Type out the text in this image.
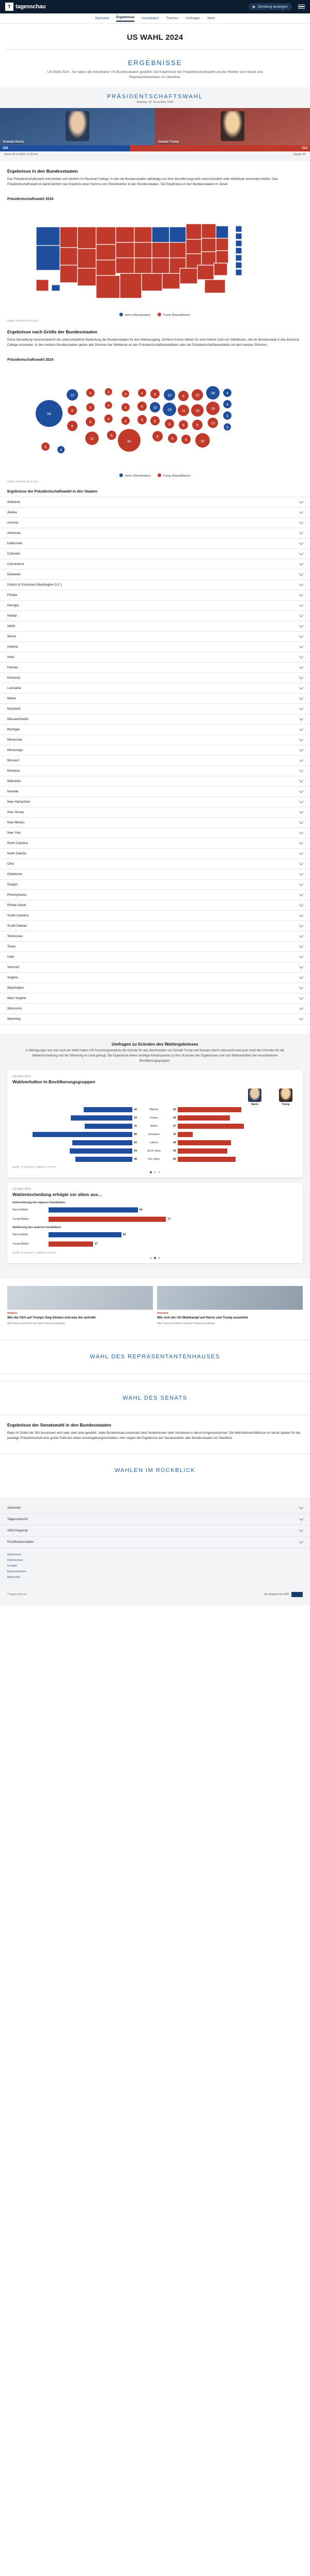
T tagesschau	▶ Sendung anzeigen
Startseite Ergebnisse Kandidaten Themen Umfragen Mehr
US WAHL 2024
ERGEBNISSE
US-Wahl 2024 - So haben die Amerikaner US-Bundesstaaten gewählt: Die Ergebnisse der Präsidentschaftswahl und der Wahlen zum Senat und Repräsentantenhaus im Überblick.
PRÄSIDENTSCHAFTSWAHL
Wahltag: 05. November 2024
Kamala Harris	Donald Trump
226	312
Stand: 06.12.2024, 12:30 Uhr	Quelle: AP
Ergebnisse in den Bundesstaaten

Das Präsidentschaftswahl entscheidet sich letztlich im Electoral College: In das die Bundesstaaten abhängig von ihrer Bevölkerungszahl unterschiedlich viele Wahlleute entsenden dürfen. Das Präsidentschaftswahl ist damit letztlich das Ergebnis einer Summe von Einzelwahlen in den Bundesstaaten. Die Ergebnisse in den Bundesstaaten im Detail:

Präsidentschaftswahl 2024
Harris (Demokraten)	Trump (Republikaner)
Quelle: AP/Stand: 06.12.2024
Ergebnisse nach Größe der Bundesstaaten

Diese Darstellung veranschaulicht die unterschiedliche Bedeutung der Bundesstaaten für den Wahlausgang. Größere Kreise stehen für eine höhere Zahl von Wahlleuten, die ein Bundesstaat in das Electoral College entsendet. In den meisten Bundesstaaten gehen alle Stimmen der Wahlleute an den Präsidentschaftskandidaten oder die Präsidentschaftskandidatin mit den meisten Stimmen.

Präsidentschaftswahl 2024
54
12
6
6
4
4
5
11
3
3
4
6
3
4
4
40
4
6
6
6
10
6
8
10
19
6
6
8
11
8
6
15
16
9
30
28
19
13
4
4
3
3
3
4
Harris (Demokraten)	Trump (Republikaner)
Quelle: AP/Stand: 06.12.2024
Ergebnisse der Präsidentschaftswahl in den Staaten
Alabama
Alaska
Arizona
Arkansas
Kalifornien
Colorado
Connecticut
Delaware
District of Columbia (Washington D.C.)
Florida
Georgia
Hawaii
Idaho
Illinois
Indiana
Iowa
Kansas
Kentucky
Louisiana
Maine
Maryland
Massachusetts
Michigan
Minnesota
Mississippi
Missouri
Montana
Nebraska
Nevada
New Hampshire
New Jersey
New Mexico
New York
North Carolina
North Dakota
Ohio
Oklahoma
Oregon
Pennsylvania
Rhode Island
South Carolina
South Dakota
Tennessee
Texas
Utah
Vermont
Virginia
Washington
West Virginia
Wisconsin
Wyoming
Umfragen zu Gründen des Wahlergebnisses
In Befragungen vor und nach der Wahl haben US-Forschungsinstitute die Gründe für das Abschneiden von Donald Trump und Kamala Harris untersucht und auch nach den Gründen für die Wahlentscheidung und die Stimmung im Land gefragt. Die Ergebnisse liefern wichtige Anhaltspunkte zu den Ursachen des Ergebnisses und zum Wahlverhalten der verschiedenen Bevölkerungsgruppen.
US-Wahl 2024
Wahlverhalten in Bevölkerungsgruppen
Harris	Trump
42	Männer	55
53	Frauen	45
41	Weiße	57
86	Schwarze	13
52	Latinos	46
54	18-29 Jahre	43
49	65+ Jahre	50
Quelle: AP VoteCast / Angaben in Prozent
US-Wahl 2024
Wahlentscheidung erfolgte vor allem aus...
Unterstützung des eigenen Kandidaten
Harris-Wähler	54
Trump-Wähler	71
Ablehnung des anderen Kandidaten
Harris-Wähler	44
Trump-Wähler	27
Quelle: AP VoteCast / Angaben in Prozent
Analyse
Wie die USA auf Trumps Sieg blicken und was ihn antreibt
Wie Trump und Harris mit ihren Themen punkteten
Interview
Wie sich der US-Wahlkampf auf Harris und Trump auswirkte
Wie Trump und Harris mit ihren Themen punkteten
WAHL DES REPRÄSENTANTENHAUSES
WAHL DES SENATS
Ergebnisse der Senatswahl in den Bundesstaaten

Reps im Drittel der Sitz konstruiert wird oder stets eine gewählt. Jeder Bundesstaat entsendet zwei Senatorinnen oder Senatoren in diese Kongresskammer. Die Mehrheitsverhältnisse im Senat spielen für die jeweilige Präsidentschaft eine große Rolle bei vielen Gesetzgebungsvorhaben. Hier zeigen die Ergebnisse der Senatswahlen aller Bundesstaaten im Überblick.

WAHLEN IM RÜCKBLICK
Startseite
Tagesschau24
ARD-Regional
Rundfunkanstalten
Impressum
Datenschutz
Kontakt
Barrierefreiheit
Bildrechte
© tagesschau.de	Ein Angebot von ARD
